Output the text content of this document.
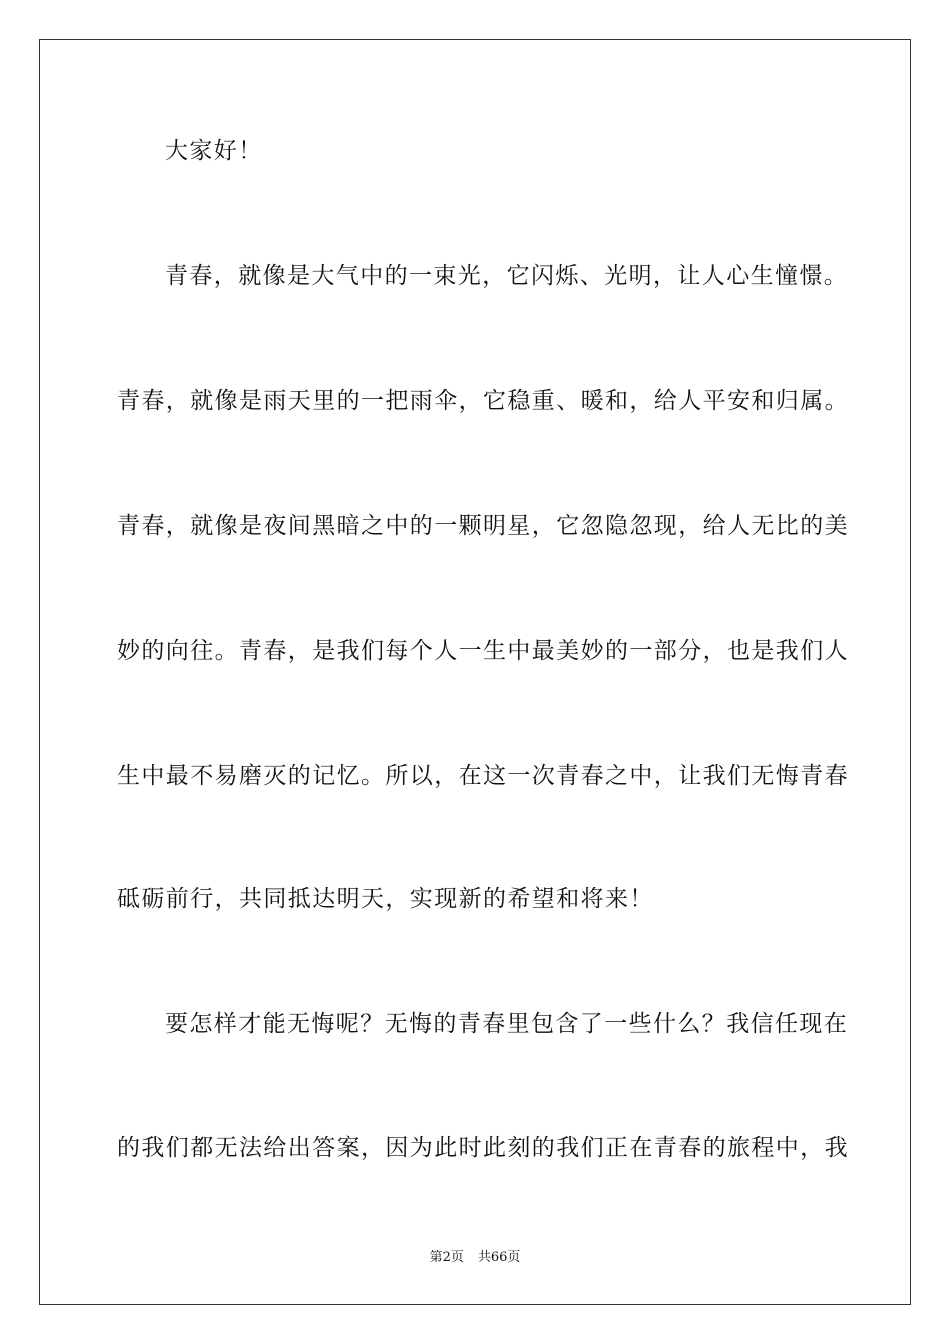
大家好！
青春，就像是大气中的一束光，它闪烁、光明，让人心生憧憬。
青春，就像是雨天里的一把雨伞，它稳重、暖和，给人平安和归属。
青春，就像是夜间黑暗之中的一颗明星，它忽隐忽现，给人无比的美
妙的向往。青春，是我们每个人一生中最美妙的一部分，也是我们人
生中最不易磨灭的记忆。所以，在这一次青春之中，让我们无悔青春
砥砺前行，共同抵达明天，实现新的希望和将来！
要怎样才能无悔呢？无悔的青春里包含了一些什么？我信任现在
的我们都无法给出答案，因为此时此刻的我们正在青春的旅程中，我
第2页 共66页
